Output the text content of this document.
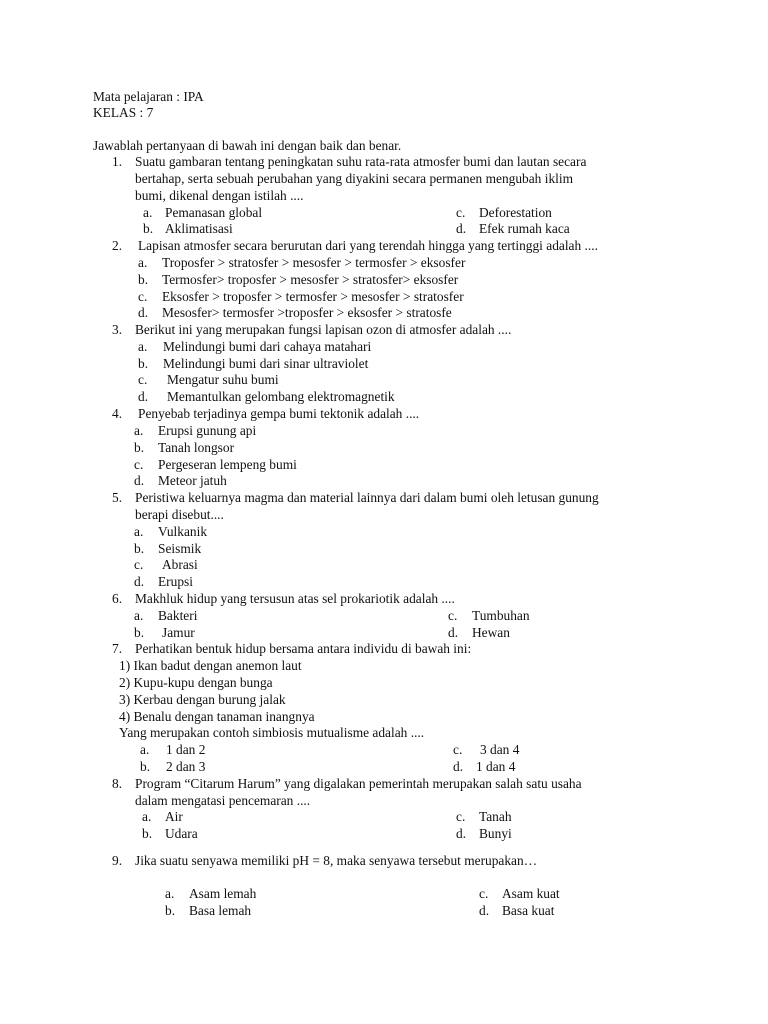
Mata pelajaran : IPA
KELAS : 7
Jawablah pertanyaan di bawah ini dengan baik dan benar.
1. Suatu gambaran tentang peningkatan suhu rata-rata atmosfer bumi dan lautan secara
bertahap, serta sebuah perubahan yang diyakini secara permanen mengubah iklim
bumi, dikenal dengan istilah ....
a. Pemanasan global
b. Aklimatisasi
c. Deforestation
d. Efek rumah kaca
2. Lapisan atmosfer secara berurutan dari yang terendah hingga yang tertinggi adalah ....
a. Troposfer > stratosfer > mesosfer > termosfer > eksosfer
b. Termosfer> troposfer > mesosfer > stratosfer> eksosfer
c. Eksosfer > troposfer > termosfer > mesosfer > stratosfer
d. Mesosfer> termosfer >troposfer > eksosfer > stratosfe
3. Berikut ini yang merupakan fungsi lapisan ozon di atmosfer adalah ....
a. Melindungi bumi dari cahaya matahari
b. Melindungi bumi dari sinar ultraviolet
c. Mengatur suhu bumi
d. Memantulkan gelombang elektromagnetik
4. Penyebab terjadinya gempa bumi tektonik adalah ....
a. Erupsi gunung api
b. Tanah longsor
c. Pergeseran lempeng bumi
d. Meteor jatuh
5. Peristiwa keluarnya magma dan material lainnya dari dalam bumi oleh letusan gunung
berapi disebut....
a. Vulkanik
b. Seismik
c. Abrasi
d. Erupsi
6. Makhluk hidup yang tersusun atas sel prokariotik adalah ....
a. Bakteri
b. Jamur
c. Tumbuhan
d. Hewan
7. Perhatikan bentuk hidup bersama antara individu di bawah ini:
1) Ikan badut dengan anemon laut
2) Kupu-kupu dengan bunga
3) Kerbau dengan burung jalak
4) Benalu dengan tanaman inangnya
Yang merupakan contoh simbiosis mutualisme adalah ....
a. 1 dan 2
b. 2 dan 3
c. 3 dan 4
d. 1 dan 4
8. Program “Citarum Harum” yang digalakan pemerintah merupakan salah satu usaha
dalam mengatasi pencemaran ....
a. Air
b. Udara
c. Tanah
d. Bunyi
9. Jika suatu senyawa memiliki pH = 8, maka senyawa tersebut merupakan…
a. Asam lemah
b. Basa lemah
c. Asam kuat
d. Basa kuat
